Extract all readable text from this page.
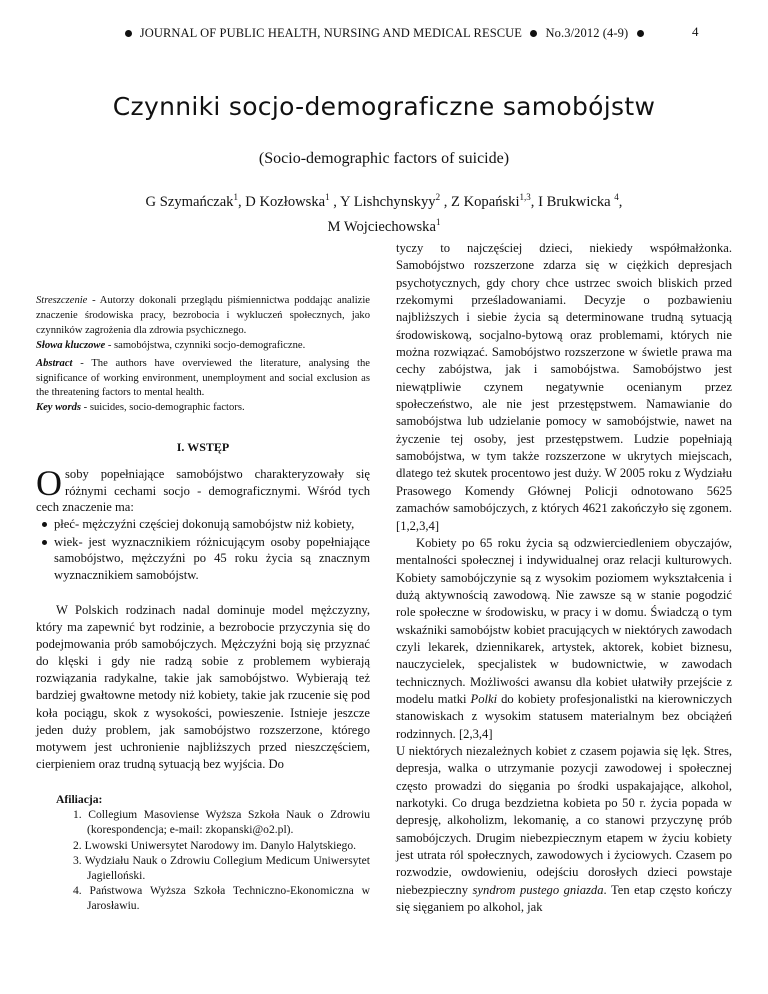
JOURNAL OF PUBLIC HEALTH, NURSING AND MEDICAL RESCUE No.3/2012 (4-9)	4
Czynniki socjo-demograficzne samobójstw
(Socio-demographic factors of suicide)
G Szymańczak$^1$, D Kozłowska$^1$ , Y Lishchynskyy$^2$ , Z Kopański$^{1,3}$, I Brukwicka $^4$,
M Wojciechowska$^1$
Streszczenie - Autorzy dokonali przeglądu piśmiennictwa poddając analizie znaczenie środowiska pracy, bezrobocia i wykluczeń społecznych, jako czynników zagrożenia dla zdrowia psychicznego.
Słowa kluczowe - samobójstwa, czynniki socjo-demograficzne.
Abstract - The authors have overviewed the literature, analysing the significance of working environment, unemployment and social exclusion as the threatening factors to mental health.
Key words - suicides, socio-demographic factors.
I. WSTĘP
Osoby popełniające samobójstwo charakteryzowały się różnymi cechami socjo - demograficznymi. Wśród tych cech znaczenie ma:
płeć- mężczyźni częściej dokonują samobójstw niż kobiety,
wiek- jest wyznacznikiem różnicującym osoby popełniające samobójstwo, mężczyźni po 45 roku życia są znacznym wyznacznikiem samobójstw.
W Polskich rodzinach nadal dominuje model mężczyzny, który ma zapewnić byt rodzinie, a bezrobocie przyczynia się do podejmowania prób samobójczych. Mężczyźni boją się przyznać do klęski i gdy nie radzą sobie z problemem wybierają rozwiązania radykalne, takie jak samobójstwo. Wybierają też bardziej gwałtowne metody niż kobiety, takie jak rzucenie się pod koła pociągu, skok z wysokości, powieszenie. Istnieje jeszcze jeden duży problem, jak samobójstwo rozszerzone, którego motywem jest uchronienie najbliższych przed nieszczęściem, cierpieniem oraz trudną sytuacją bez wyjścia. Do
Afiliacja:
1. Collegium Masoviense Wyższa Szkoła Nauk o Zdrowiu (korespondencja; e-mail: zkopanski@o2.pl).
2. Lwowski Uniwersytet Narodowy im. Danylo Halytskiego.
3. Wydziału Nauk o Zdrowiu Collegium Medicum Uniwersytet Jagielloński.
4. Państwowa Wyższa Szkoła Techniczno-Ekonomiczna w Jarosławiu.

tyczy to najczęściej dzieci, niekiedy współmałżonka. Samobójstwo rozszerzone zdarza się w ciężkich depresjach psychotycznych, gdy chory chce ustrzec swoich bliskich przed rzekomymi prześladowaniami. Decyzje o pozbawieniu najbliższych i siebie życia są determinowane trudną sytuacją środowiskową, socjalno-bytową oraz problemami, których nie można rozwiązać. Samobójstwo rozszerzone w świetle prawa ma cechy zabójstwa, jak i samobójstwa. Samobójstwo jest niewątpliwie czynem negatywnie ocenianym przez społeczeństwo, ale nie jest przestępstwem. Namawianie do samobójstwa lub udzielanie pomocy w samobójstwie, nawet na życzenie tej osoby, jest przestępstwem. Ludzie popełniają samobójstwa, w tym także rozszerzone w ukrytych miejscach, dlatego też skutek procentowo jest duży. W 2005 roku z Wydziału Prasowego Komendy Głównej Policji odnotowano 5625 zamachów samobójczych, z których 4621 zakończyło się zgonem. [1,2,3,4]

Kobiety po 65 roku życia są odzwierciedleniem obyczajów, mentalności społecznej i indywidualnej oraz relacji kulturowych. Kobiety samobójczynie są z wysokim poziomem wykształcenia i dużą aktywnością zawodową. Nie zawsze są w stanie pogodzić role społeczne w środowisku, w pracy i w domu. Świadczą o tym wskaźniki samobójstw kobiet pracujących w niektórych zawodach czyli lekarek, dziennikarek, artystek, aktorek, kobiet biznesu, nauczycielek, specjalistek w budownictwie, w zawodach technicznych. Możliwości awansu dla kobiet ułatwiły przejście z modelu matki Polki do kobiety profesjonalistki na kierowniczych stanowiskach z wysokim statusem materialnym bez obciążeń rodzinnych. [2,3,4]

U niektórych niezależnych kobiet z czasem pojawia się lęk. Stres, depresja, walka o utrzymanie pozycji zawodowej i społecznej często prowadzi do sięgania po środki uspakajające, alkohol, narkotyki. Co druga bezdzietna kobieta po 50 r. życia popada w depresję, alkoholizm, lekomanię, a co stanowi przyczynę prób samobójczych. Drugim niebezpiecznym etapem w życiu kobiety jest utrata ról społecznych, zawodowych i życiowych. Czasem po rozwodzie, owdowieniu, odejściu dorosłych dzieci powstaje niebezpieczny syndrom pustego gniazda. Ten etap często kończy się sięganiem po alkohol, jak
